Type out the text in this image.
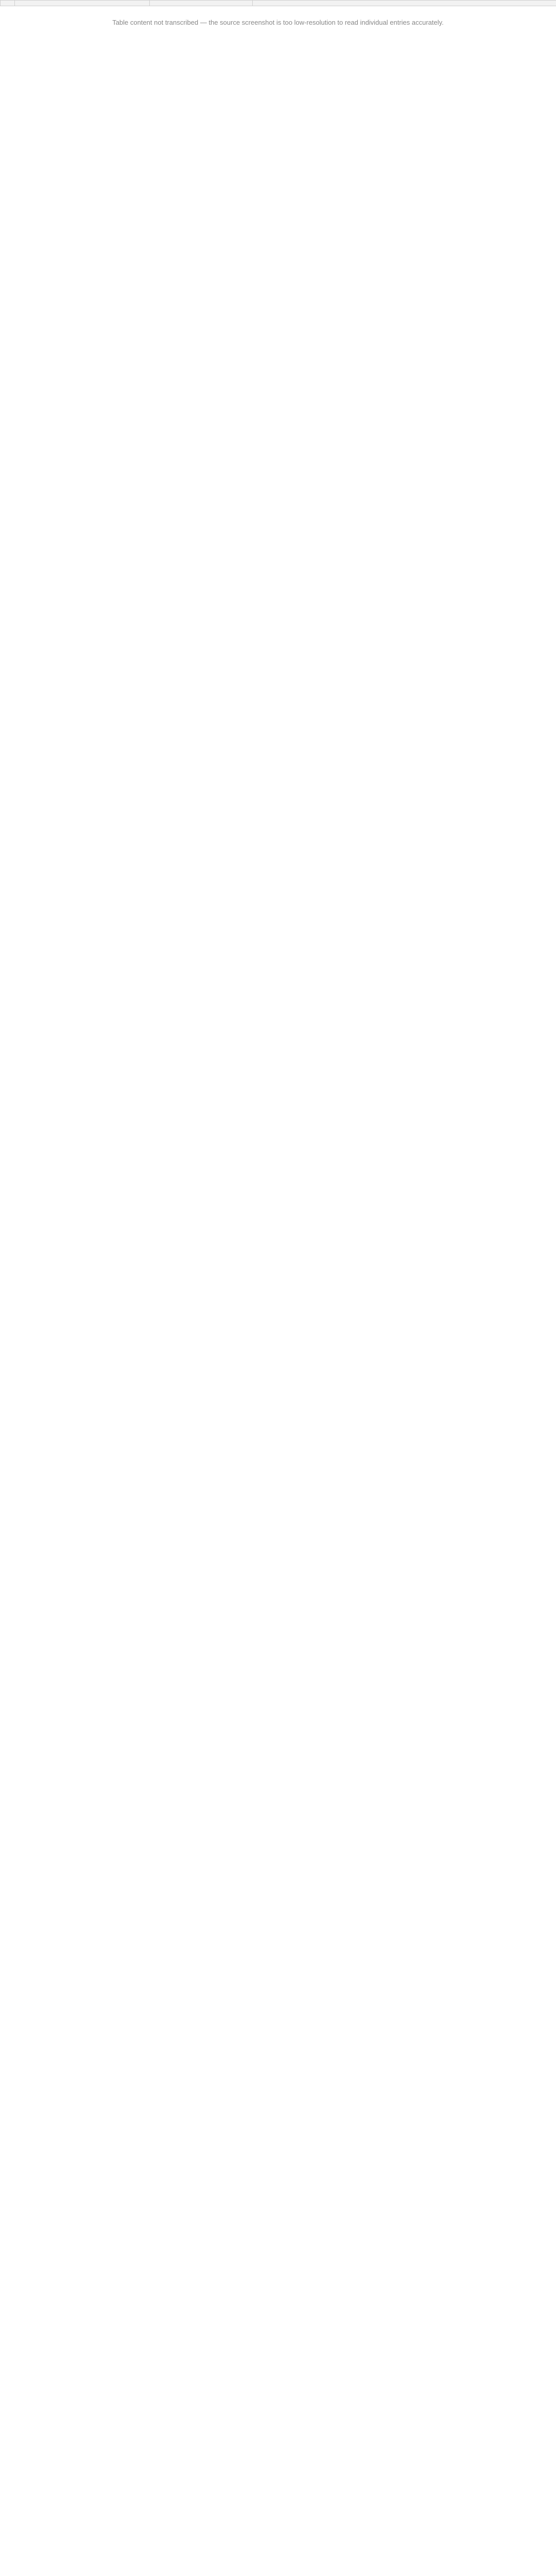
Table content not transcribed — the source screenshot is too low-resolution to read individual entries accurately.
